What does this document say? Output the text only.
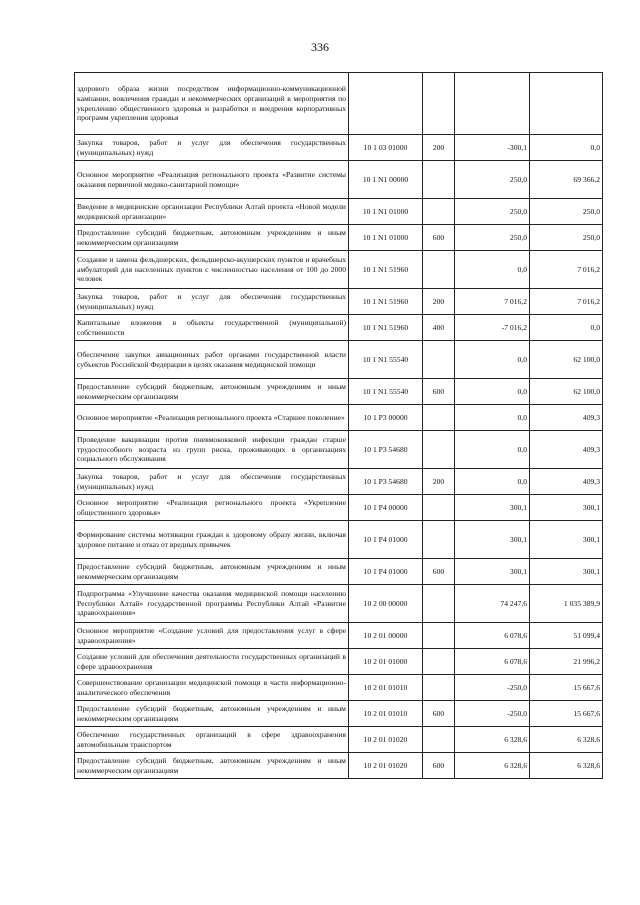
336
здорового образа жизни посредством информационно-коммуникационной кампании, вовлечения граждан и некоммерческих организаций в мероприятия по укреплению общественного здоровья и разработки и внедрения корпоративных программ укрепления здоровья				
Закупка товаров, работ и услуг для обеспечения государственных (муниципальных) нужд	10 1 03 01000	200	-300,1	0,0
Основное мероприятие «Реализация регионального проекта «Развитие системы оказания первичной медико-санитарной помощи»	10 1 N1 00000		250,0	69 366,2
Введение в медицинские организации Республики Алтай проекта «Новой модели медицинской организации»	10 1 N1 01000		250,0	250,0
Предоставление субсидий бюджетным, автономным учреждениям и иным некоммерческим организациям	10 1 N1 01000	600	250,0	250,0
Создание и замена фельдшерских, фельдшерско-акушерских пунктов и врачебных амбулаторий для населенных пунктов с численностью населения от 100 до 2000 человек	10 1 N1 51960		0,0	7 016,2
Закупка товаров, работ и услуг для обеспечения государственных (муниципальных) нужд	10 1 N1 51960	200	7 016,2	7 016,2
Капитальные вложения в объекты государственной (муниципальной) собственности	10 1 N1 51960	400	-7 016,2	0,0
Обеспечение закупки авиационных работ органами государственной власти субъектов Российской Федерации в целях оказания медицинской помощи	10 1 N1 55540		0,0	62 100,0
Предоставление субсидий бюджетным, автономным учреждениям и иным некоммерческим организациям	10 1 N1 55540	600	0,0	62 100,0
Основное мероприятие «Реализация регионального проекта «Старшее поколение»	10 1 P3 00000		0,0	409,3
Проведение вакцинации против пневмококковой инфекции граждан старше трудоспособного возраста из групп риска, проживающих в организациях социального обслуживания	10 1 P3 54680		0,0	409,3
Закупка товаров, работ и услуг для обеспечения государственных (муниципальных) нужд	10 1 P3 54680	200	0,0	409,3
Основное мероприятие «Реализация регионального проекта «Укрепление общественного здоровья»	10 1 P4 00000		300,1	300,1
Формирование системы мотивации граждан к здоровому образу жизни, включая здоровое питание и отказ от вредных привычек	10 1 P4 01000		300,1	300,1
Предоставление субсидий бюджетным, автономным учреждениям и иным некоммерческим организациям	10 1 P4 01000	600	300,1	300,1
Подпрограмма «Улучшение качества оказания медицинской помощи населению Республики Алтай» государственной программы Республики Алтай «Развитие здравоохранения»	10 2 00 00000		74 247,6	1 035 389,9
Основное мероприятие «Создание условий для предоставления услуг в сфере здравоохранения»	10 2 01 00000		6 078,6	51 099,4
Создание условий для обеспечения деятельности государственных организаций в сфере здравоохранения	10 2 01 01000		6 078,6	21 996,2
Совершенствование организации медицинской помощи в части информационно-аналитического обеспечения	10 2 01 01010		-250,0	15 667,6
Предоставление субсидий бюджетным, автономным учреждениям и иным некоммерческим организациям	10 2 01 01010	600	-250,0	15 667,6
Обеспечение государственных организаций в сфере здравоохранения автомобильным транспортом	10 2 01 01020		6 328,6	6 328,6
Предоставление субсидий бюджетным, автономным учреждениям и иным некоммерческим организациям	10 2 01 01020	600	6 328,6	6 328,6
